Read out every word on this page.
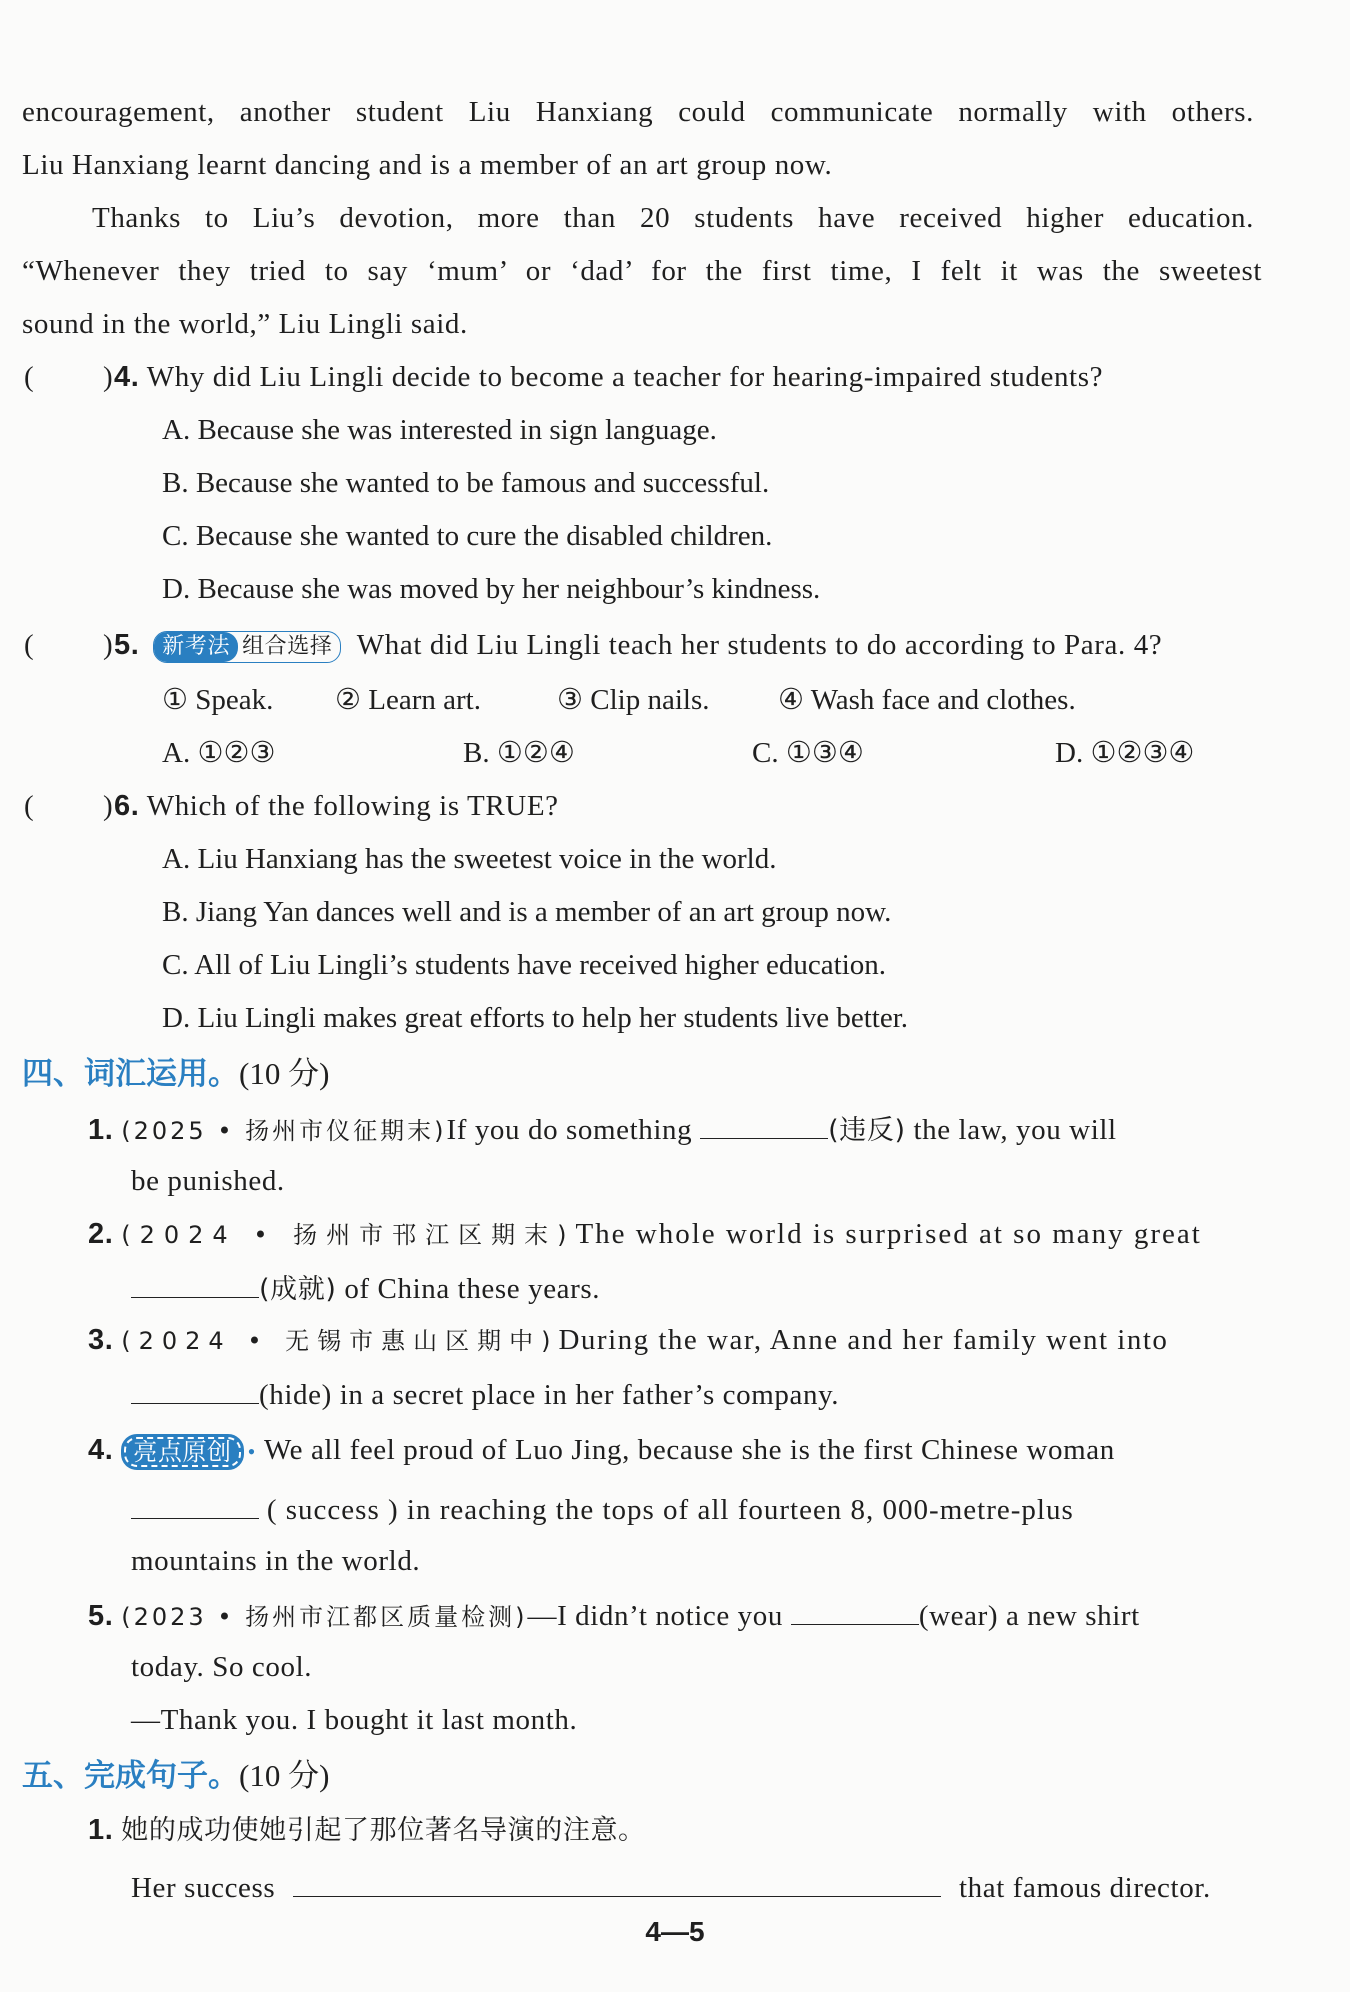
encouragement, another student Liu Hanxiang could communicate normally with others.
Liu Hanxiang learnt dancing and is a member of an art group now.
Thanks to Liu’s devotion, more than 20 students have received higher education.
“Whenever they tried to say ‘mum’ or ‘dad’ for the first time, I felt it was the sweetest
sound in the world,” Liu Lingli said.
( ) 4. Why did Liu Lingli decide to become a teacher for hearing-impaired students?
A. Because she was interested in sign language.
B. Because she wanted to be famous and successful.
C. Because she wanted to cure the disabled children.
D. Because she was moved by her neighbour’s kindness.
( ) 5.	新考法 组合选择 What did Liu Lingli teach her students to do according to Para. 4?
① Speak. ② Learn art.	③ Clip nails. ④ Wash face and clothes.
A. ①②③	B. ①②④	C. ①③④	D. ①②③④
( ) 6. Which of the following is TRUE?
A. Liu Hanxiang has the sweetest voice in the world.
B. Jiang Yan dances well and is a member of an art group now.
C. All of Liu Lingli’s students have received higher education.
D. Liu Lingli makes great efforts to help her students live better.
四、词汇运用。(10 分)
1. (2025 • 扬州市仪征期末)If you do something	(违反) the law, you will
be punished.
2. (2024 • 扬州市邗江区期末)The whole world is surprised at so many great
(成就) of China these years.
3. (2024 • 无锡市惠山区期中)During the war, Anne and her family went into
(hide) in a secret place in her father’s company.
4. 亮点原创 • We all feel proud of Luo Jing, because she is the first Chinese woman
( success ) in reaching the tops of all fourteen 8, 000-metre-plus
mountains in the world.
5. (2023 • 扬州市江都区质量检测)—I didn’t notice you	(wear) a new shirt
today. So cool.
—Thank you. I bought it last month.
五、完成句子。(10 分)
1. 她的成功使她引起了那位著名导演的注意。
Her success	that famous director.
4—5
